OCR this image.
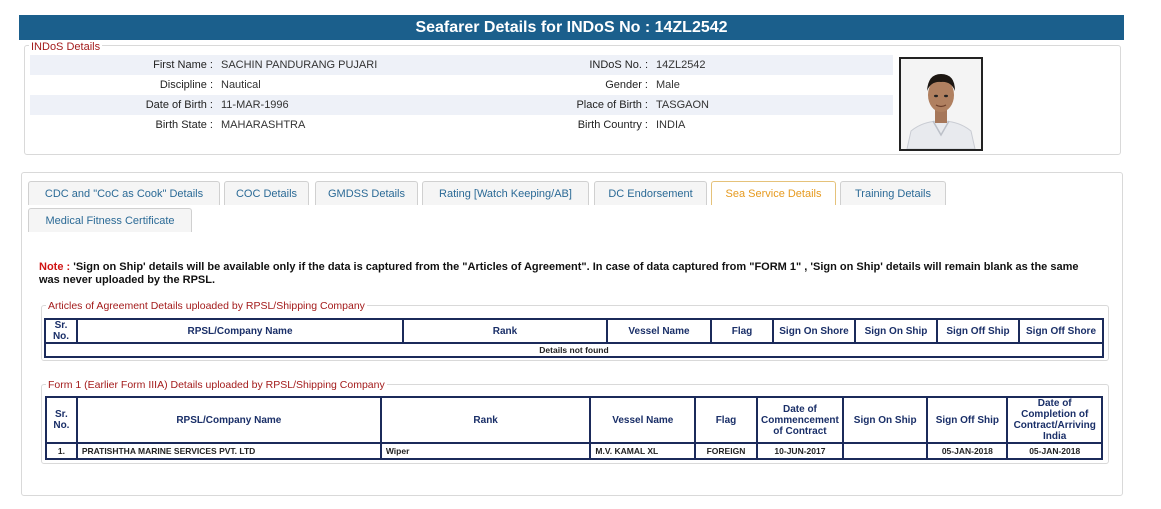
Seafarer Details for INDoS No : 14ZL2542
INDoS Details
First Name : SACHIN PANDURANG PUJARI	INDoS No. : 14ZL2542
Discipline : Nautical	Gender : Male
Date of Birth : 11-MAR-1996	Place of Birth : TASGAON
Birth State : MAHARASHTRA	Birth Country : INDIA
CDC and "CoC as Cook" Details	COC Details	GMDSS Details	Rating [Watch Keeping/AB]	DC Endorsement	Sea Service Details	Training Details
Medical Fitness Certificate
Note : 'Sign on Ship' details will be available only if the data is captured from the "Articles of Agreement". In case of data captured from "FORM 1" , 'Sign on Ship' details will remain blank as the same was never uploaded by the RPSL.
Articles of Agreement Details uploaded by RPSL/Shipping Company
Sr. No.	RPSL/Company Name	Rank	Vessel Name	Flag	Sign On Shore	Sign On Ship	Sign Off Ship	Sign Off Shore
Details not found
Form 1 (Earlier Form IIIA) Details uploaded by RPSL/Shipping Company
Sr. No.	RPSL/Company Name	Rank	Vessel Name	Flag	Date of Commencement of Contract	Sign On Ship	Sign Off Ship	Date of Completion of Contract/Arriving India
1.	PRATISHTHA MARINE SERVICES PVT. LTD	Wiper	M.V. KAMAL XL	FOREIGN	10-JUN-2017		05-JAN-2018	05-JAN-2018
